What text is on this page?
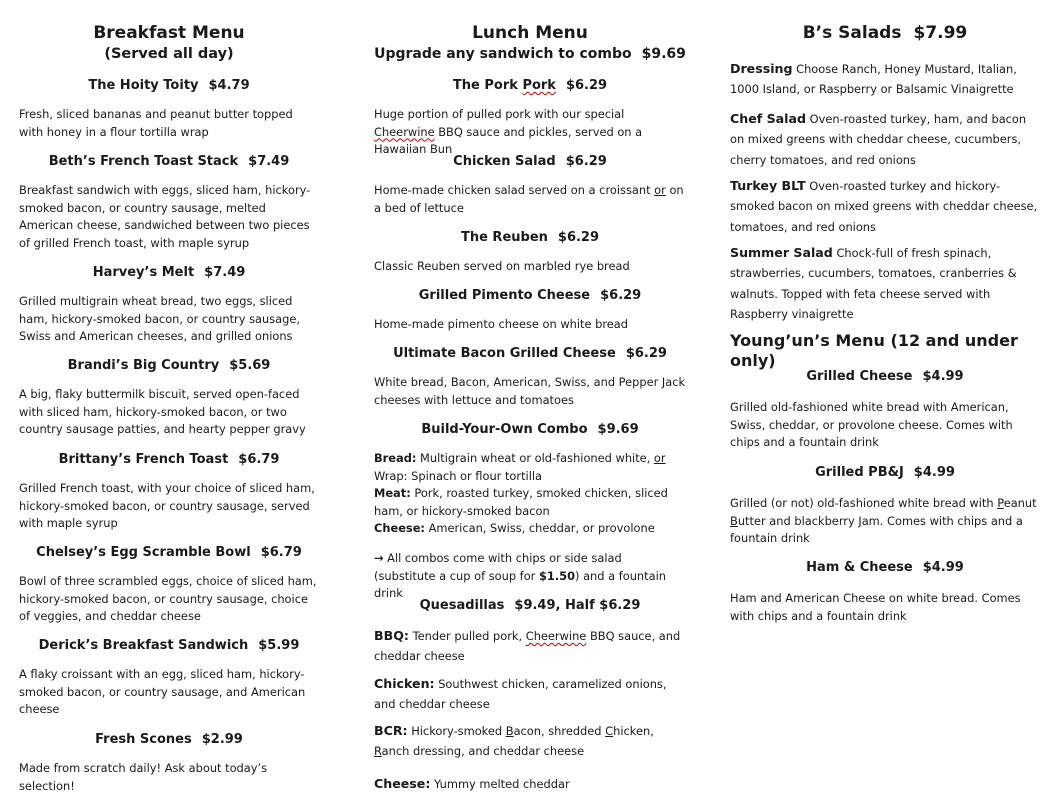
Breakfast Menu
(Served all day)
The Hoity Toity $4.79
Fresh, sliced bananas and peanut butter topped with honey in a flour tortilla wrap
Beth’s French Toast Stack $7.49
Breakfast sandwich with eggs, sliced ham, hickory-smoked bacon, or country sausage, melted American cheese, sandwiched between two pieces of grilled French toast, with maple syrup
Harvey’s Melt $7.49
Grilled multigrain wheat bread, two eggs, sliced ham, hickory-smoked bacon, or country sausage, Swiss and American cheeses, and grilled onions
Brandi’s Big Country $5.69
A big, flaky buttermilk biscuit, served open-faced with sliced ham, hickory-smoked bacon, or two country sausage patties, and hearty pepper gravy
Brittany’s French Toast $6.79
Grilled French toast, with your choice of sliced ham, hickory-smoked bacon, or country sausage, served with maple syrup
Chelsey’s Egg Scramble Bowl $6.79
Bowl of three scrambled eggs, choice of sliced ham, hickory-smoked bacon, or country sausage, choice of veggies, and cheddar cheese
Derick’s Breakfast Sandwich $5.99
A flaky croissant with an egg, sliced ham, hickory-smoked bacon, or country sausage, and American cheese
Fresh Scones $2.99
Made from scratch daily! Ask about today’s selection!
Lunch Menu
Upgrade any sandwich to combo $9.69
The Pork Pork $6.29
Huge portion of pulled pork with our special Cheerwine BBQ sauce and pickles, served on a Hawaiian Bun
Chicken Salad $6.29
Home-made chicken salad served on a croissant or on a bed of lettuce
The Reuben $6.29
Classic Reuben served on marbled rye bread
Grilled Pimento Cheese $6.29
Home-made pimento cheese on white bread
Ultimate Bacon Grilled Cheese $6.29
White bread, Bacon, American, Swiss, and Pepper Jack cheeses with lettuce and tomatoes
Build-Your-Own Combo $9.69
Bread: Multigrain wheat or old-fashioned white, or
Wrap: Spinach or flour tortilla
Meat: Pork, roasted turkey, smoked chicken, sliced ham, or hickory-smoked bacon
Cheese: American, Swiss, cheddar, or provolone
→ All combos come with chips or side salad (substitute a cup of soup for $1.50) and a fountain drink
Quesadillas $9.49, Half $6.29
BBQ: Tender pulled pork, Cheerwine BBQ sauce, and cheddar cheese
Chicken: Southwest chicken, caramelized onions, and cheddar cheese
BCR: Hickory-smoked Bacon, shredded Chicken, Ranch dressing, and cheddar cheese
Cheese: Yummy melted cheddar
B’s Salads $7.99
Dressing Choose Ranch, Honey Mustard, Italian, 1000 Island, or Raspberry or Balsamic Vinaigrette
Chef Salad Oven-roasted turkey, ham, and bacon on mixed greens with cheddar cheese, cucumbers, cherry tomatoes, and red onions
Turkey BLT Oven-roasted turkey and hickory-smoked bacon on mixed greens with cheddar cheese, tomatoes, and red onions
Summer Salad Chock-full of fresh spinach, strawberries, cucumbers, tomatoes, cranberries & walnuts. Topped with feta cheese served with Raspberry vinaigrette
Young’un’s Menu (12 and under only)
Grilled Cheese $4.99
Grilled old-fashioned white bread with American, Swiss, cheddar, or provolone cheese. Comes with chips and a fountain drink
Grilled PB&J $4.99
Grilled (or not) old-fashioned white bread with Peanut Butter and blackberry Jam. Comes with chips and a fountain drink
Ham & Cheese $4.99
Ham and American Cheese on white bread. Comes with chips and a fountain drink
